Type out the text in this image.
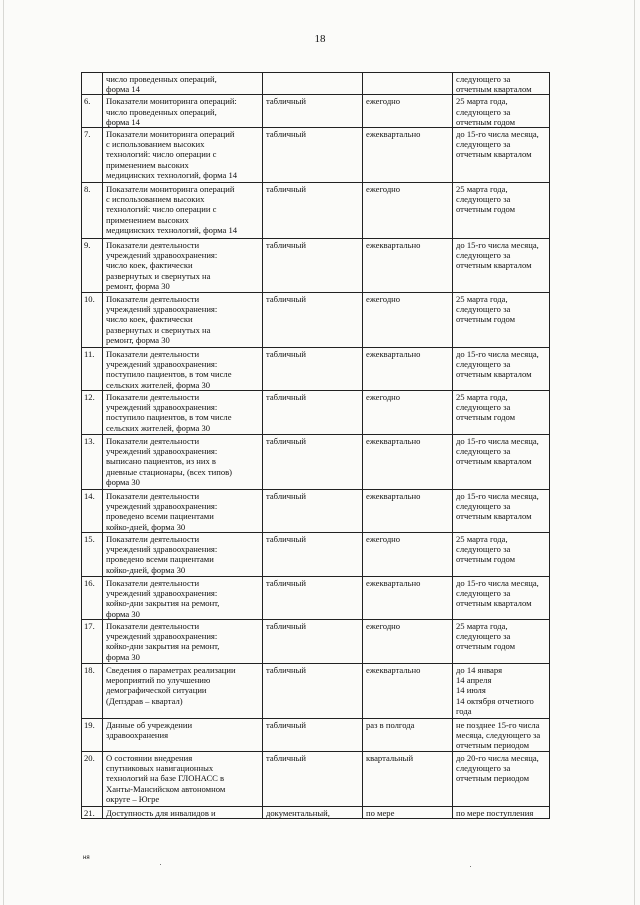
18
	число проведенных операций,
форма 14			следующего за
отчетным кварталом
6.	Показатели мониторинга операций:
число проведенных операций,
форма 14	табличный	ежегодно	25 марта года,
следующего за
отчетным годом
7.	Показатели мониторинга операций
с использованием высоких
технологий: число операции с
применением высоких
медицинских технологий, форма 14	табличный	ежеквартально	до 15-го числа месяца,
следующего за
отчетным кварталом
8.	Показатели мониторинга операций
с использованием высоких
технологий: число операции с
применением высоких
медицинских технологий, форма 14	табличный	ежегодно	25 марта года,
следующего за
отчетным годом
9.	Показатели деятельности
учреждений здравоохранения:
число коек, фактически
развернутых и свернутых на
ремонт, форма 30	табличный	ежеквартально	до 15-го числа месяца,
следующего за
отчетным кварталом
10.	Показатели деятельности
учреждений здравоохранения:
число коек, фактически
развернутых и свернутых на
ремонт, форма 30	табличный	ежегодно	25 марта года,
следующего за
отчетным годом
11.	Показатели деятельности
учреждений здравоохранения:
поступило пациентов, в том числе
сельских жителей, форма 30	табличный	ежеквартально	до 15-го числа месяца,
следующего за
отчетным кварталом
12.	Показатели деятельности
учреждений здравоохранения:
поступило пациентов, в том числе
сельских жителей, форма 30	табличный	ежегодно	25 марта года,
следующего за
отчетным годом
13.	Показатели деятельности
учреждений здравоохранения:
выписано пациентов, из них в
дневные стационары, (всех типов)
форма 30	табличный	ежеквартально	до 15-го числа месяца,
следующего за
отчетным кварталом
14.	Показатели деятельности
учреждений здравоохранения:
проведено всеми пациентами
койко-дней, форма 30	табличный	ежеквартально	до 15-го числа месяца,
следующего за
отчетным кварталом
15.	Показатели деятельности
учреждений здравоохранения:
проведено всеми пациентами
койко-дней, форма 30	табличный	ежегодно	25 марта года,
следующего за
отчетным годом
16.	Показатели деятельности
учреждений здравоохранения:
койко-дни закрытия на ремонт,
форма 30	табличный	ежеквартально	до 15-го числа месяца,
следующего за
отчетным кварталом
17.	Показатели деятельности
учреждений здравоохранения:
койко-дни закрытия на ремонт,
форма 30	табличный	ежегодно	25 марта года,
следующего за
отчетным годом
18.	Сведения о параметрах реализации
мероприятий по улучшению
демографической ситуации
(Депздрав – квартал)	табличный	ежеквартально	до 14 января
14 апреля
14 июля
14 октября отчетного
года
19.	Данные об учреждении
здравоохранения	табличный	раз в полгода	не позднее 15-го числа
месяца, следующего за
отчетным периодом
20.	О состоянии внедрения
спутниковых навигационных
технологий на базе ГЛОНАСС в
Ханты-Мансийском автономном
округе – Югре	табличный	квартальный	до 20-го числа месяца,
следующего за
отчетным периодом
21.	Доступность для инвалидов и	документальный,	по мере	по мере поступления
ня
